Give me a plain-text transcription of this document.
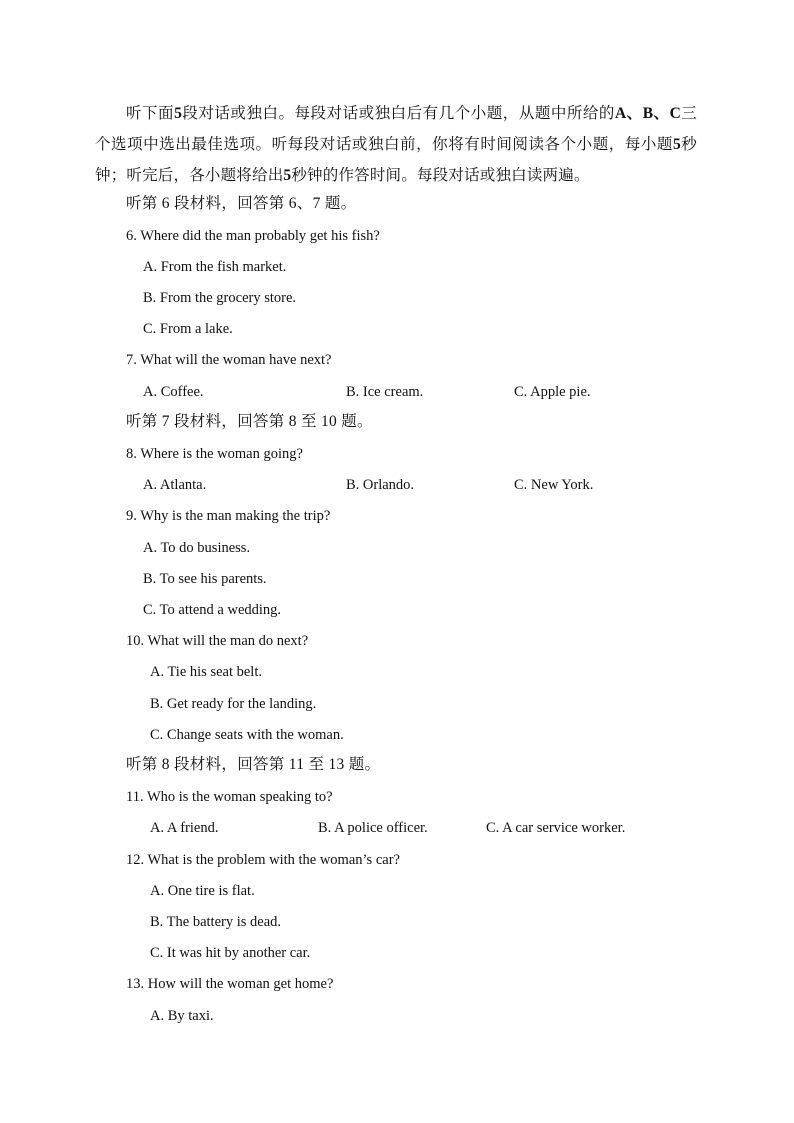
听下面5段对话或独白。每段对话或独白后有几个小题，从题中所给的A、B、C三个选项中选出最佳选项。听每段对话或独白前，你将有时间阅读各个小题，每小题5秒钟；听完后，各小题将给出5秒钟的作答时间。每段对话或独白读两遍。
听第 6 段材料，回答第 6、7 题。
6. Where did the man probably get his fish?
A. From the fish market.
B. From the grocery store.
C. From a lake.
7. What will the woman have next?
A. Coffee.	B. Ice cream.	C. Apple pie.
听第 7 段材料，回答第 8 至 10 题。
8. Where is the woman going?
A. Atlanta.	B. Orlando.	C. New York.
9. Why is the man making the trip?
A. To do business.
B. To see his parents.
C. To attend a wedding.
10. What will the man do next?
A. Tie his seat belt.
B. Get ready for the landing.
C. Change seats with the woman.
听第 8 段材料，回答第 11 至 13 题。
11. Who is the woman speaking to?
A. A friend.	B. A police officer.	C. A car service worker.
12. What is the problem with the woman’s car?
A. One tire is flat.
B. The battery is dead.
C. It was hit by another car.
13. How will the woman get home?
A. By taxi.
